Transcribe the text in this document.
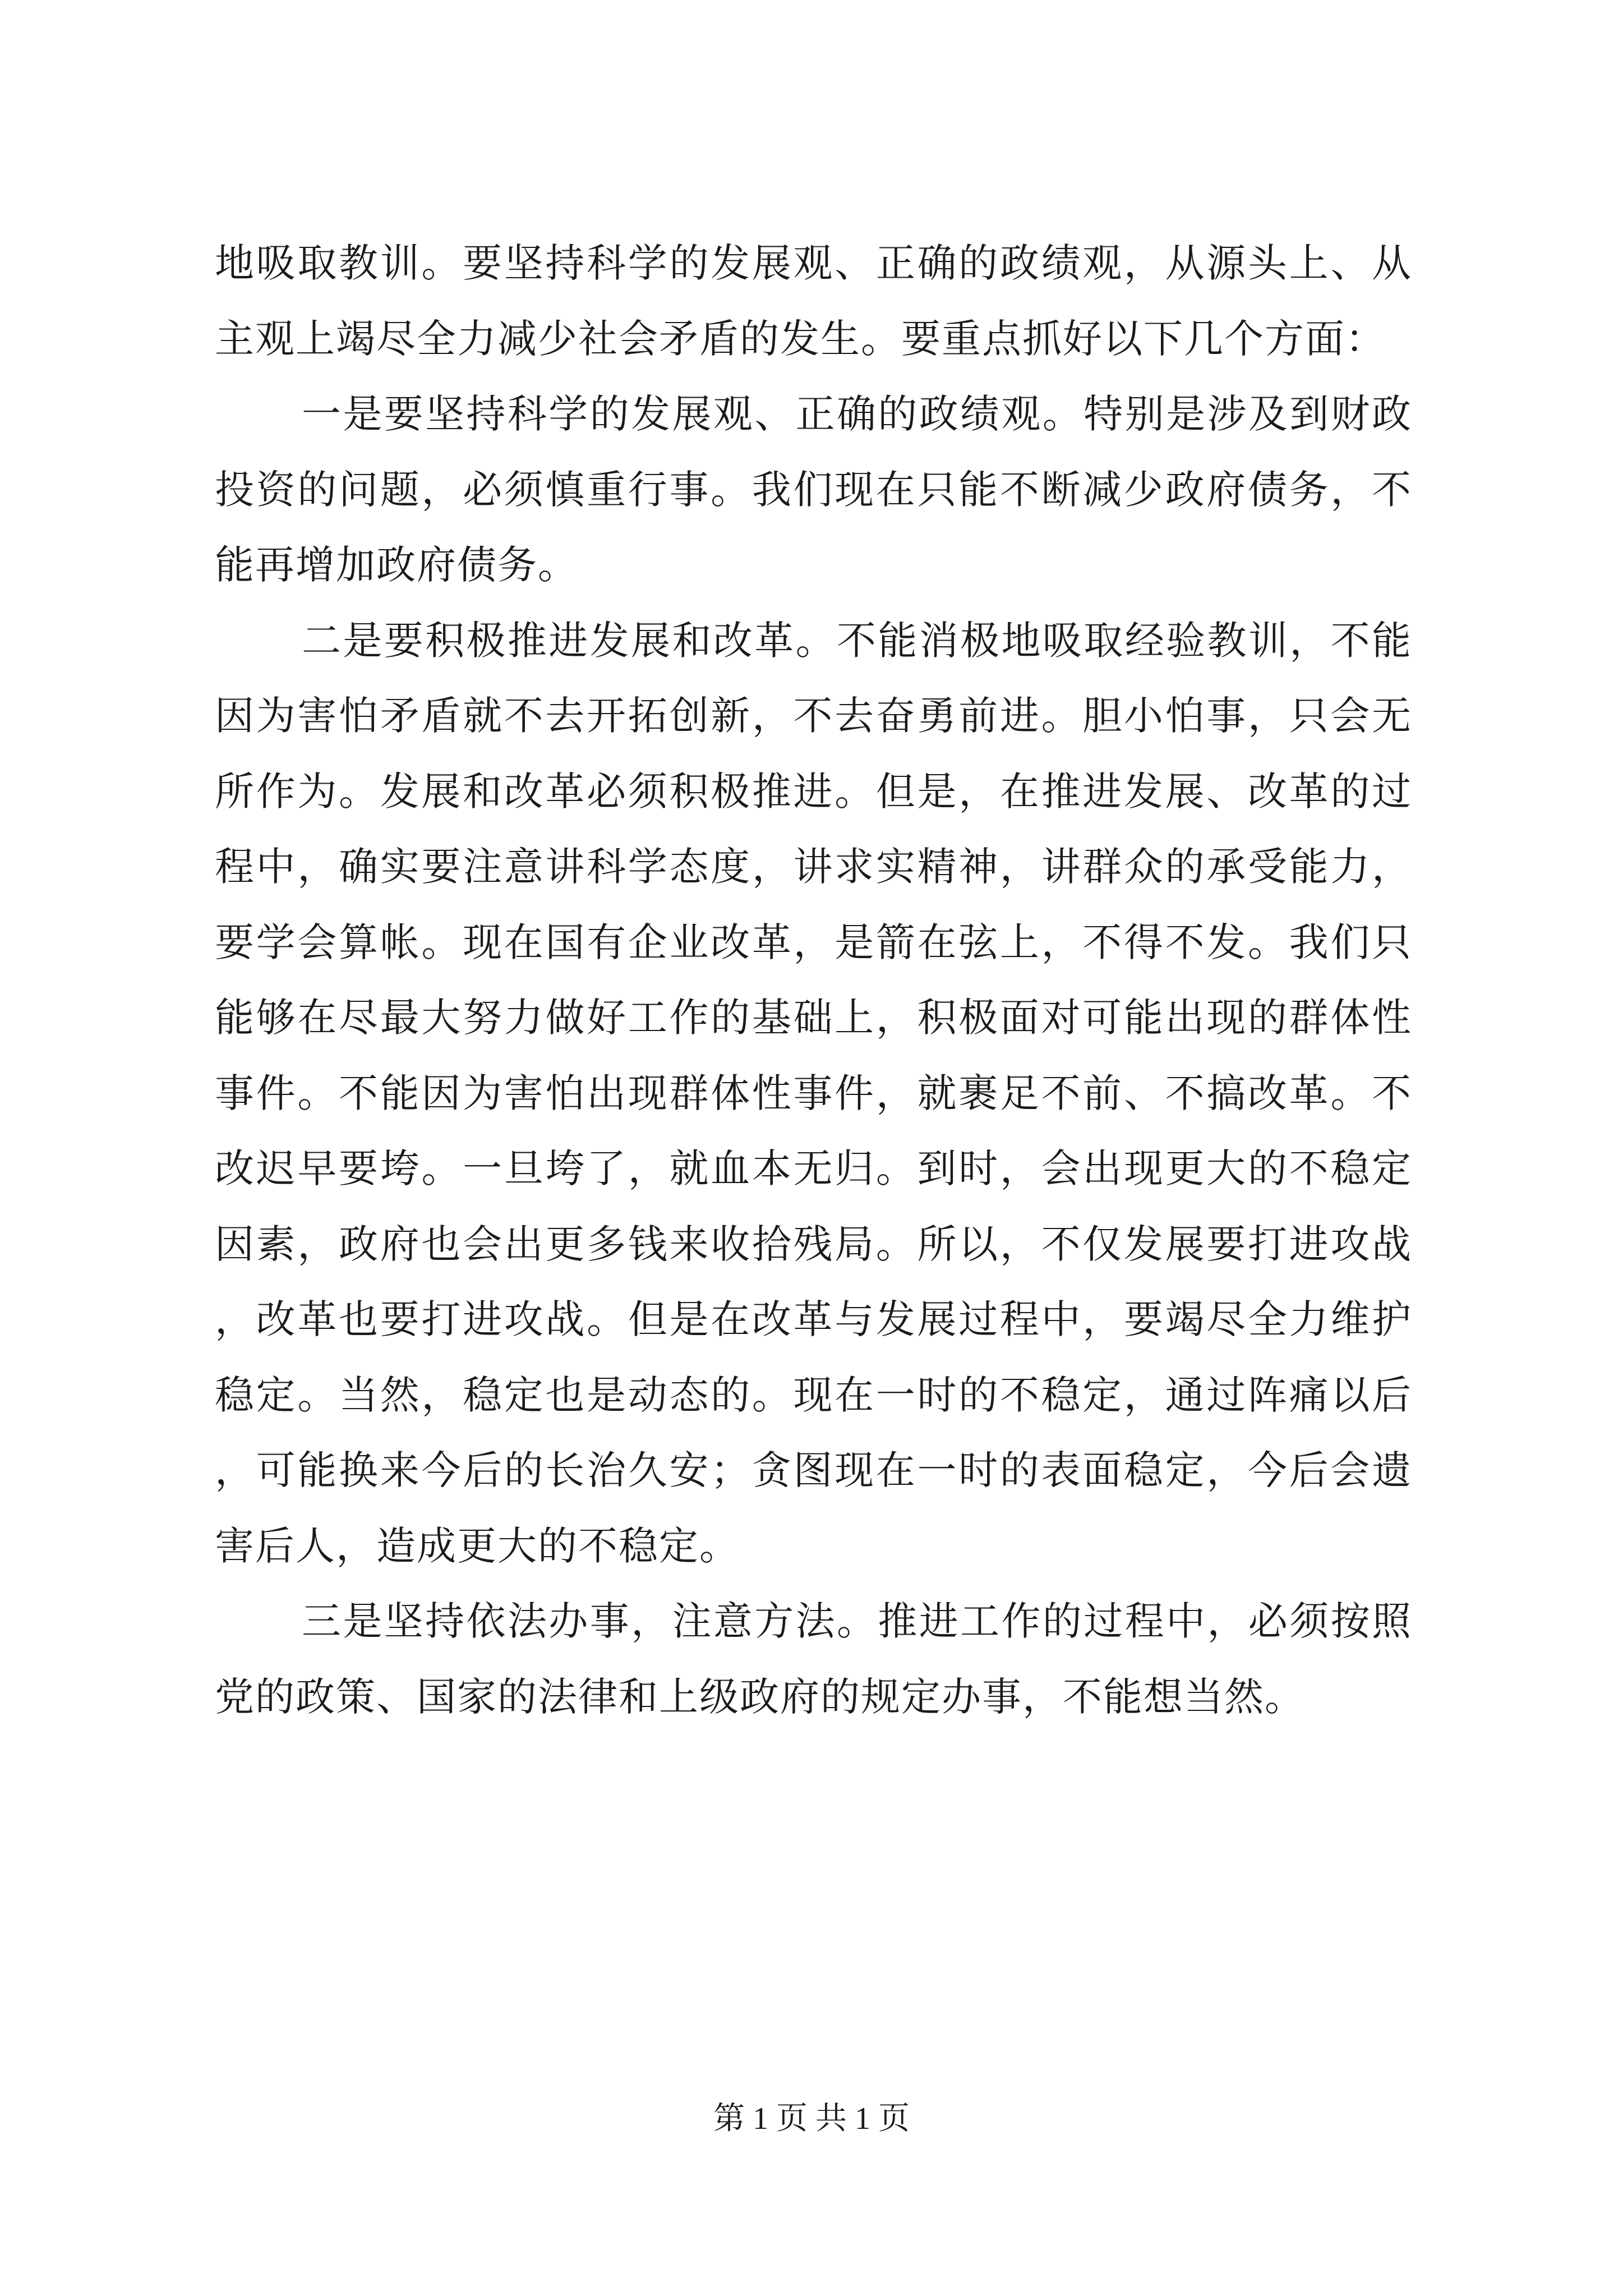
地吸取教训。要坚持科学的发展观、正确的政绩观，从源头上、从主观上竭尽全力减少社会矛盾的发生。要重点抓好以下几个方面：

一是要坚持科学的发展观、正确的政绩观。特别是涉及到财政投资的问题，必须慎重行事。我们现在只能不断减少政府债务，不能再增加政府债务。

二是要积极推进发展和改革。不能消极地吸取经验教训，不能因为害怕矛盾就不去开拓创新，不去奋勇前进。胆小怕事，只会无所作为。发展和改革必须积极推进。但是，在推进发展、改革的过程中，确实要注意讲科学态度，讲求实精神，讲群众的承受能力，要学会算帐。现在国有企业改革，是箭在弦上，不得不发。我们只能够在尽最大努力做好工作的基础上，积极面对可能出现的群体性事件。不能因为害怕出现群体性事件，就裹足不前、不搞改革。不改迟早要垮。一旦垮了，就血本无归。到时，会出现更大的不稳定因素，政府也会出更多钱来收拾残局。所以，不仅发展要打进攻战，改革也要打进攻战。但是在改革与发展过程中，要竭尽全力维护稳定。当然，稳定也是动态的。现在一时的不稳定，通过阵痛以后，可能换来今后的长治久安；贪图现在一时的表面稳定，今后会遗害后人，造成更大的不稳定。

三是坚持依法办事，注意方法。推进工作的过程中，必须按照党的政策、国家的法律和上级政府的规定办事，不能想当然。

第 1 页 共 1 页
